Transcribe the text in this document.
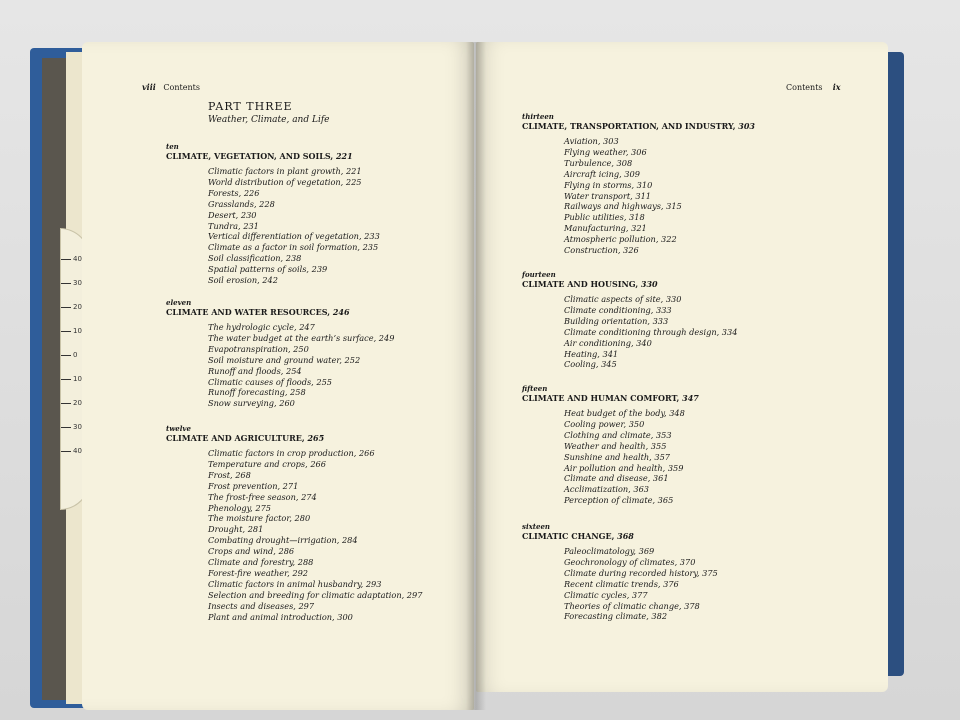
40
30
20
10
0
10
20
30
40
viii Contents
PART THREE
Weather, Climate, and Life
ten
CLIMATE, VEGETATION, AND SOILS, 221
Climatic factors in plant growth, 221
World distribution of vegetation, 225
Forests, 226
Grasslands, 228
Desert, 230
Tundra, 231
Vertical differentiation of vegetation, 233
Climate as a factor in soil formation, 235
Soil classification, 238
Spatial patterns of soils, 239
Soil erosion, 242
eleven
CLIMATE AND WATER RESOURCES, 246
The hydrologic cycle, 247
The water budget at the earth’s surface, 249
Evapotranspiration, 250
Soil moisture and ground water, 252
Runoff and floods, 254
Climatic causes of floods, 255
Runoff forecasting, 258
Snow surveying, 260
twelve
CLIMATE AND AGRICULTURE, 265
Climatic factors in crop production, 266
Temperature and crops, 266
Frost, 268
Frost prevention, 271
The frost-free season, 274
Phenology, 275
The moisture factor, 280
Drought, 281
Combating drought—irrigation, 284
Crops and wind, 286
Climate and forestry, 288
Forest-fire weather, 292
Climatic factors in animal husbandry, 293
Selection and breeding for climatic adaptation, 297
Insects and diseases, 297
Plant and animal introduction, 300
Contents ix
thirteen
CLIMATE, TRANSPORTATION, AND INDUSTRY, 303
Aviation, 303
Flying weather, 306
Turbulence, 308
Aircraft icing, 309
Flying in storms, 310
Water transport, 311
Railways and highways, 315
Public utilities, 318
Manufacturing, 321
Atmospheric pollution, 322
Construction, 326
fourteen
CLIMATE AND HOUSING, 330
Climatic aspects of site, 330
Climate conditioning, 333
Building orientation, 333
Climate conditioning through design, 334
Air conditioning, 340
Heating, 341
Cooling, 345
fifteen
CLIMATE AND HUMAN COMFORT, 347
Heat budget of the body, 348
Cooling power, 350
Clothing and climate, 353
Weather and health, 355
Sunshine and health, 357
Air pollution and health, 359
Climate and disease, 361
Acclimatization, 363
Perception of climate, 365
sixteen
CLIMATIC CHANGE, 368
Paleoclimatology, 369
Geochronology of climates, 370
Climate during recorded history, 375
Recent climatic trends, 376
Climatic cycles, 377
Theories of climatic change, 378
Forecasting climate, 382
